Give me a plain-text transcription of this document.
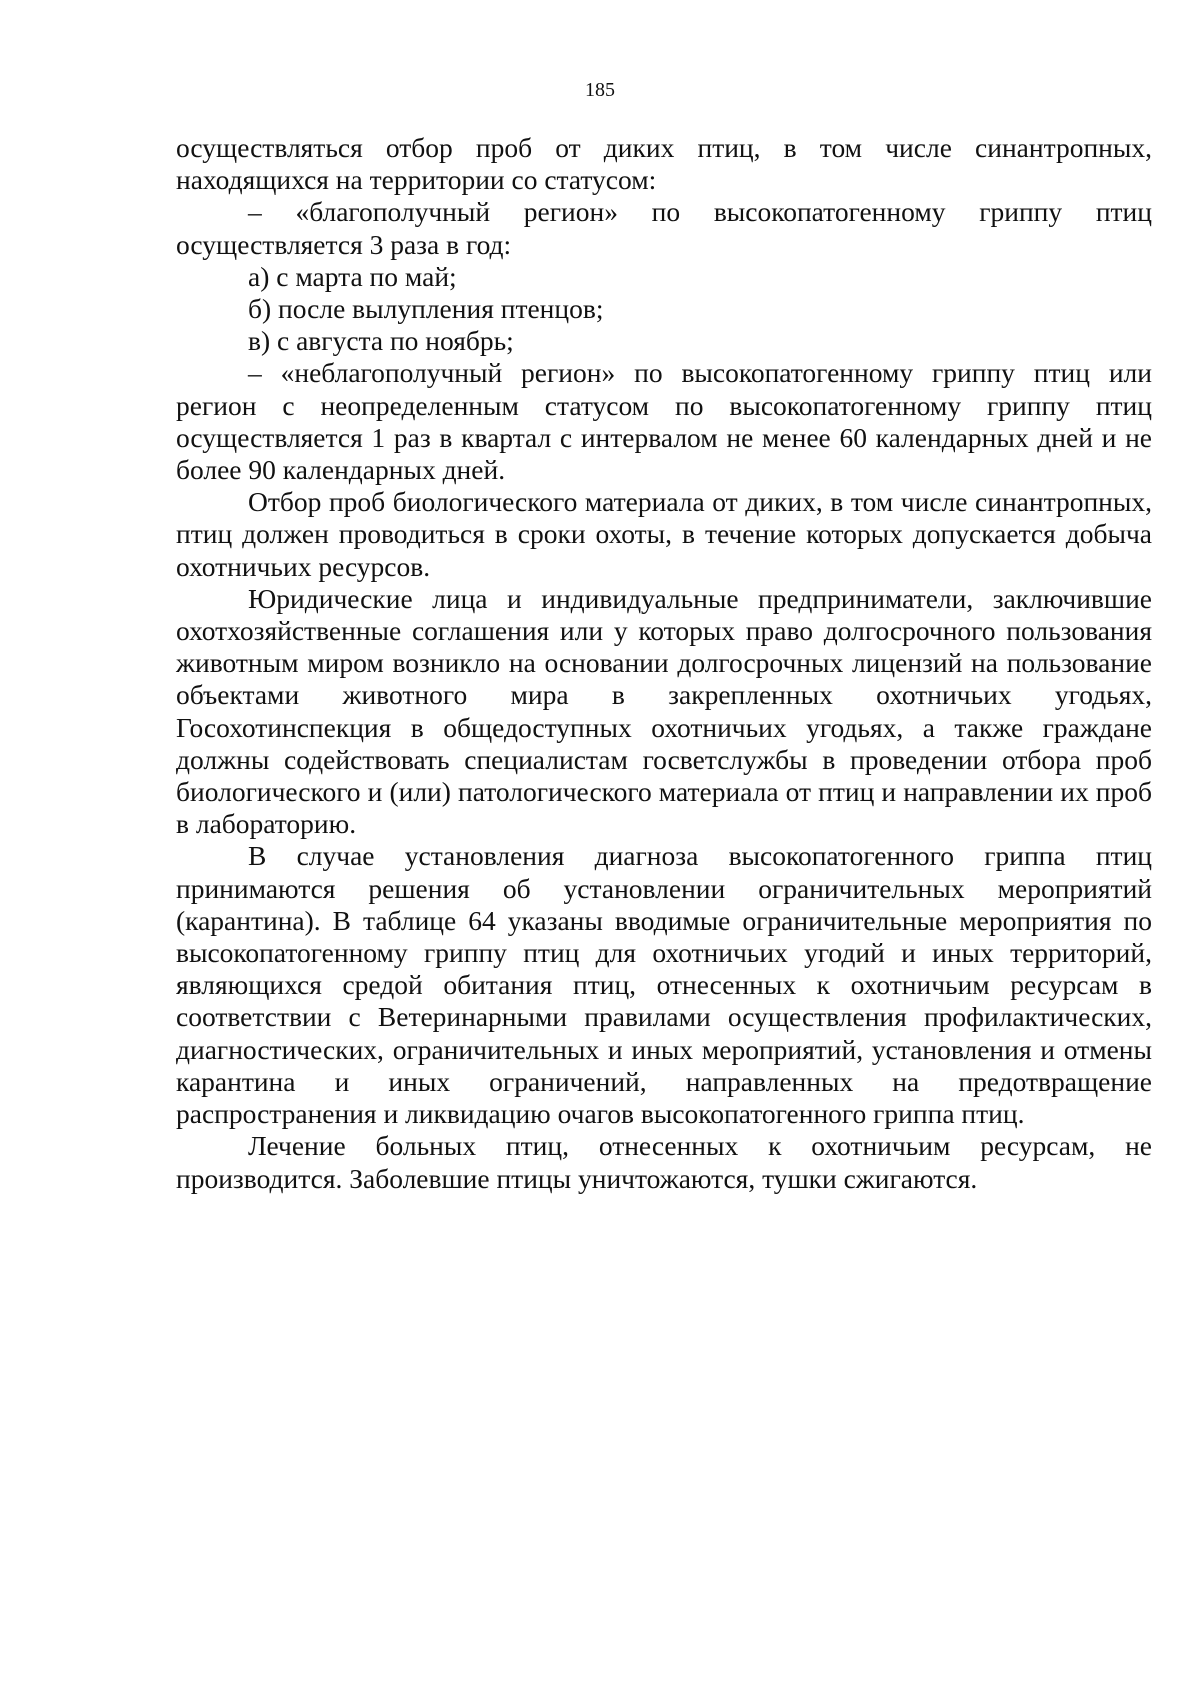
185

осуществляться отбор проб от диких птиц, в том числе синантропных, находящихся на территории со статусом:

– «благополучный регион» по высокопатогенному гриппу птиц осуществляется 3 раза в год:

а) с марта по май;

б) после вылупления птенцов;

в) с августа по ноябрь;

– «неблагополучный регион» по высокопатогенному гриппу птиц или регион с неопределенным статусом по высокопатогенному гриппу птиц осуществляется 1 раз в квартал с интервалом не менее 60 календарных дней и не более 90 календарных дней.

Отбор проб биологического материала от диких, в том числе синантропных, птиц должен проводиться в сроки охоты, в течение которых допускается добыча охотничьих ресурсов.

Юридические лица и индивидуальные предприниматели, заключившие охотхозяйственные соглашения или у которых право долгосрочного пользования животным миром возникло на основании долгосрочных лицензий на пользование объектами животного мира в закрепленных охотничьих угодьях, Госохотинспекция в общедоступных охотничьих угодьях, а также граждане должны содействовать специалистам госветслужбы в проведении отбора проб биологического и (или) патологического материала от птиц и направлении их проб в лабораторию.

В случае установления диагноза высокопатогенного гриппа птиц принимаются решения об установлении ограничительных мероприятий (карантина). В таблице 64 указаны вводимые ограничительные мероприятия по высокопатогенному гриппу птиц для охотничьих угодий и иных территорий, являющихся средой обитания птиц, отнесенных к охотничьим ресурсам в соответствии с Ветеринарными правилами осуществления профилактических, диагностических, ограничительных и иных мероприятий, установления и отмены карантина и иных ограничений, направленных на предотвращение распространения и ликвидацию очагов высокопатогенного гриппа птиц.

Лечение больных птиц, отнесенных к охотничьим ресурсам, не производится. Заболевшие птицы уничтожаются, тушки сжигаются.
